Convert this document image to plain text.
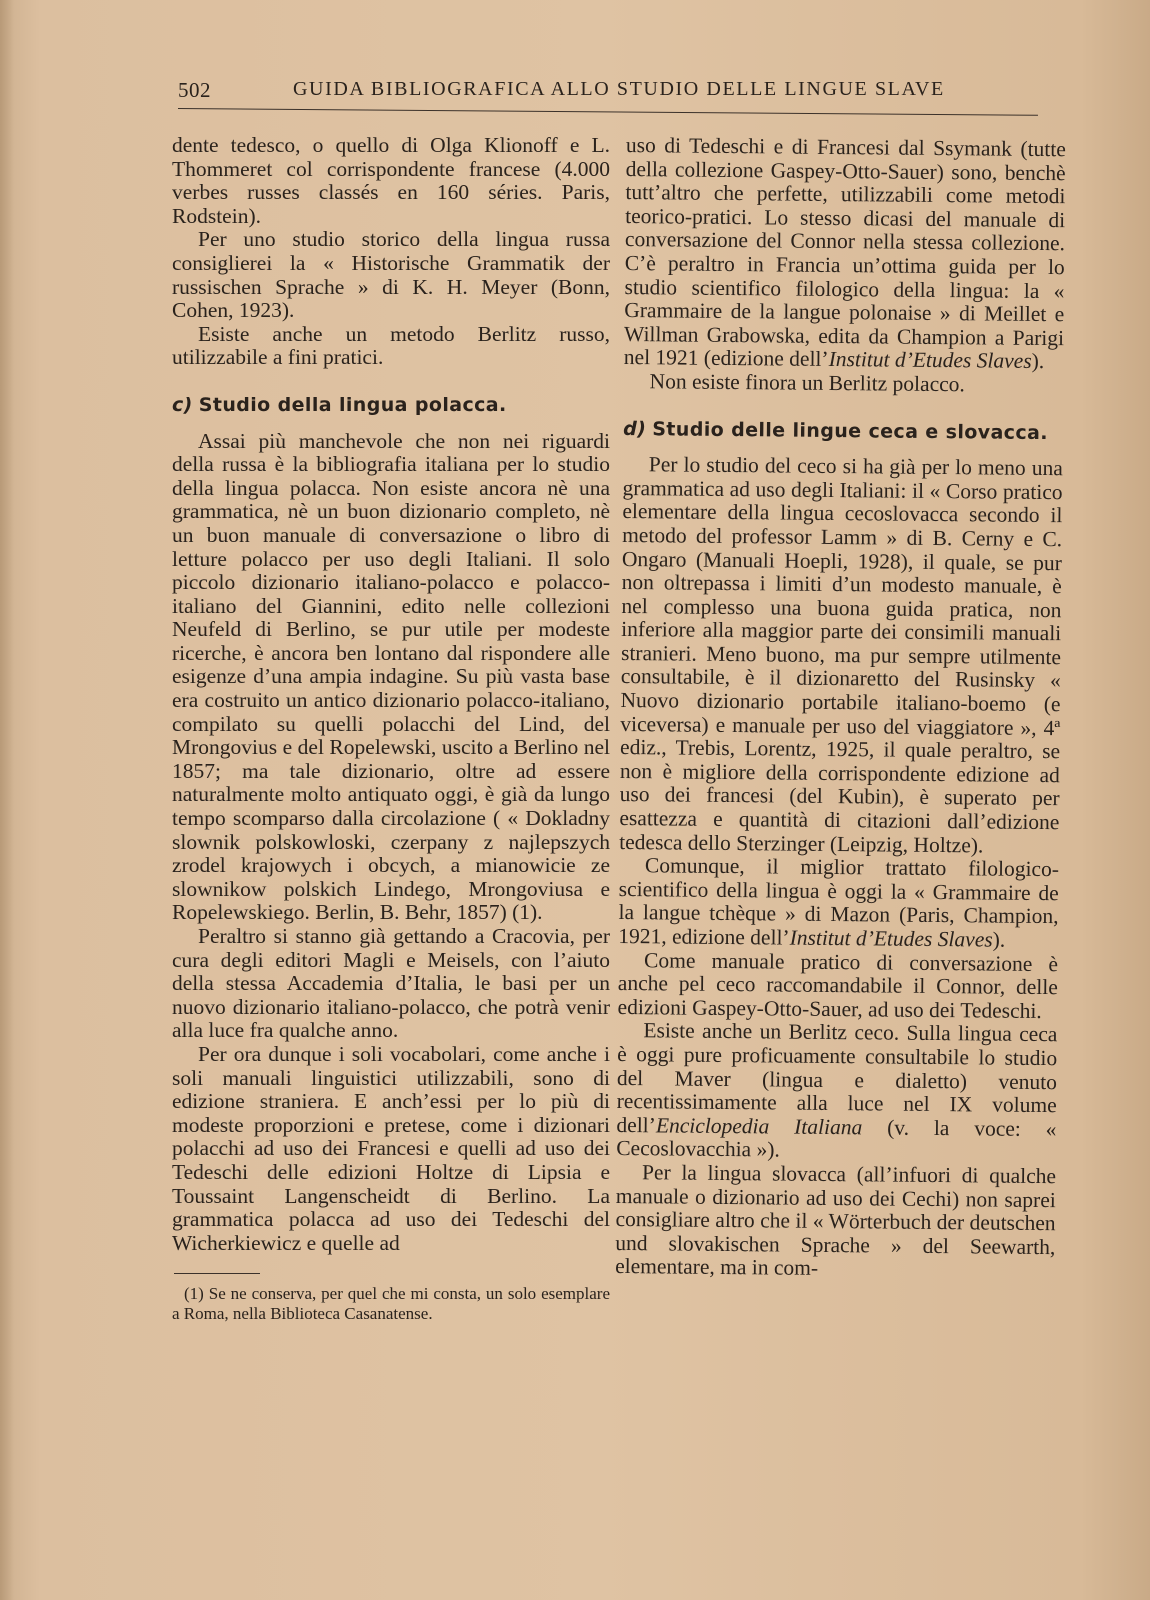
502	GUIDA BIBLIOGRAFICA ALLO STUDIO DELLE LINGUE SLAVE

dente tedesco, o quello di Olga Klionoff e L. Thommeret col corrispondente francese (4.000 verbes russes classés en 160 séries. Paris, Rodstein).

Per uno studio storico della lingua russa consiglierei la « Historische Grammatik der russischen Sprache » di K. H. Meyer (Bonn, Cohen, 1923).

Esiste anche un metodo Berlitz russo, utilizzabile a fini pratici.

c) Studio della lingua polacca.

Assai più manchevole che non nei riguardi della russa è la bibliografia italiana per lo studio della lingua polacca. Non esiste ancora nè una grammatica, nè un buon dizionario completo, nè un buon manuale di conversazione o libro di letture polacco per uso degli Italiani. Il solo piccolo dizionario italiano-polacco e polacco-italiano del Giannini, edito nelle collezioni Neufeld di Berlino, se pur utile per modeste ricerche, è ancora ben lontano dal rispondere alle esigenze d’una ampia indagine. Su più vasta base era costruito un antico dizionario polacco-italiano, compilato su quelli polacchi del Lind, del Mrongovius e del Ropelewski, uscito a Berlino nel 1857; ma tale dizionario, oltre ad essere naturalmente molto antiquato oggi, è già da lungo tempo scomparso dalla circolazione ( « Dokladny slownik polskowloski, czerpany z najlepszych zrodel krajowych i obcych, a mianowicie ze slownikow polskich Lindego, Mrongoviusa e Ropelewskiego. Berlin, B. Behr, 1857) (1).

Peraltro si stanno già gettando a Cracovia, per cura degli editori Magli e Meisels, con l’aiuto della stessa Accademia d’Italia, le basi per un nuovo dizionario italiano-polacco, che potrà venir alla luce fra qualche anno.

Per ora dunque i soli vocabolari, come anche i soli manuali linguistici utilizzabili, sono di edizione straniera. E anch’essi per lo più di modeste proporzioni e pretese, come i dizionari polacchi ad uso dei Francesi e quelli ad uso dei Tedeschi delle edizioni Holtze di Lipsia e Toussaint Langenscheidt di Berlino. La grammatica polacca ad uso dei Tedeschi del Wicherkiewicz e quelle ad

(1) Se ne conserva, per quel che mi consta, un solo esemplare a Roma, nella Biblioteca Casanatense.

uso di Tedeschi e di Francesi dal Ssymank (tutte della collezione Gaspey-Otto-Sauer) sono, benchè tutt’altro che perfette, utilizzabili come metodi teorico-pratici. Lo stesso dicasi del manuale di conversazione del Connor nella stessa collezione. C’è peraltro in Francia un’ottima guida per lo studio scientifico filologico della lingua: la « Grammaire de la langue polonaise » di Meillet e Willman Grabowska, edita da Champion a Parigi nel 1921 (edizione dell’Institut d’Etudes Slaves).

Non esiste finora un Berlitz polacco.

d) Studio delle lingue ceca e slovacca.

Per lo studio del ceco si ha già per lo meno una grammatica ad uso degli Italiani: il « Corso pratico elementare della lingua cecoslovacca secondo il metodo del professor Lamm » di B. Cerny e C. Ongaro (Manuali Hoepli, 1928), il quale, se pur non oltrepassa i limiti d’un modesto manuale, è nel complesso una buona guida pratica, non inferiore alla maggior parte dei consimili manuali stranieri. Meno buono, ma pur sempre utilmente consultabile, è il dizionaretto del Rusinsky « Nuovo dizionario portabile italiano-boemo (e viceversa) e manuale per uso del viaggiatore », 4ª ediz., Trebis, Lorentz, 1925, il quale peraltro, se non è migliore della corrispondente edizione ad uso dei francesi (del Kubin), è superato per esattezza e quantità di citazioni dall’edizione tedesca dello Sterzinger (Leipzig, Holtze).

Comunque, il miglior trattato filologico-scientifico della lingua è oggi la « Grammaire de la langue tchèque » di Mazon (Paris, Champion, 1921, edizione dell’Institut d’Etudes Slaves).

Come manuale pratico di conversazione è anche pel ceco raccomandabile il Connor, delle edizioni Gaspey-Otto-Sauer, ad uso dei Tedeschi.

Esiste anche un Berlitz ceco. Sulla lingua ceca è oggi pure proficuamente consultabile lo studio del Maver (lingua e dialetto) venuto recentissimamente alla luce nel IX volume dell’Enciclopedia Italiana (v. la voce: « Cecoslovacchia »).

Per la lingua slovacca (all’infuori di qualche manuale o dizionario ad uso dei Cechi) non saprei consigliare altro che il « Wörterbuch der deutschen und slovakischen Sprache » del Seewarth, elementare, ma in com-
